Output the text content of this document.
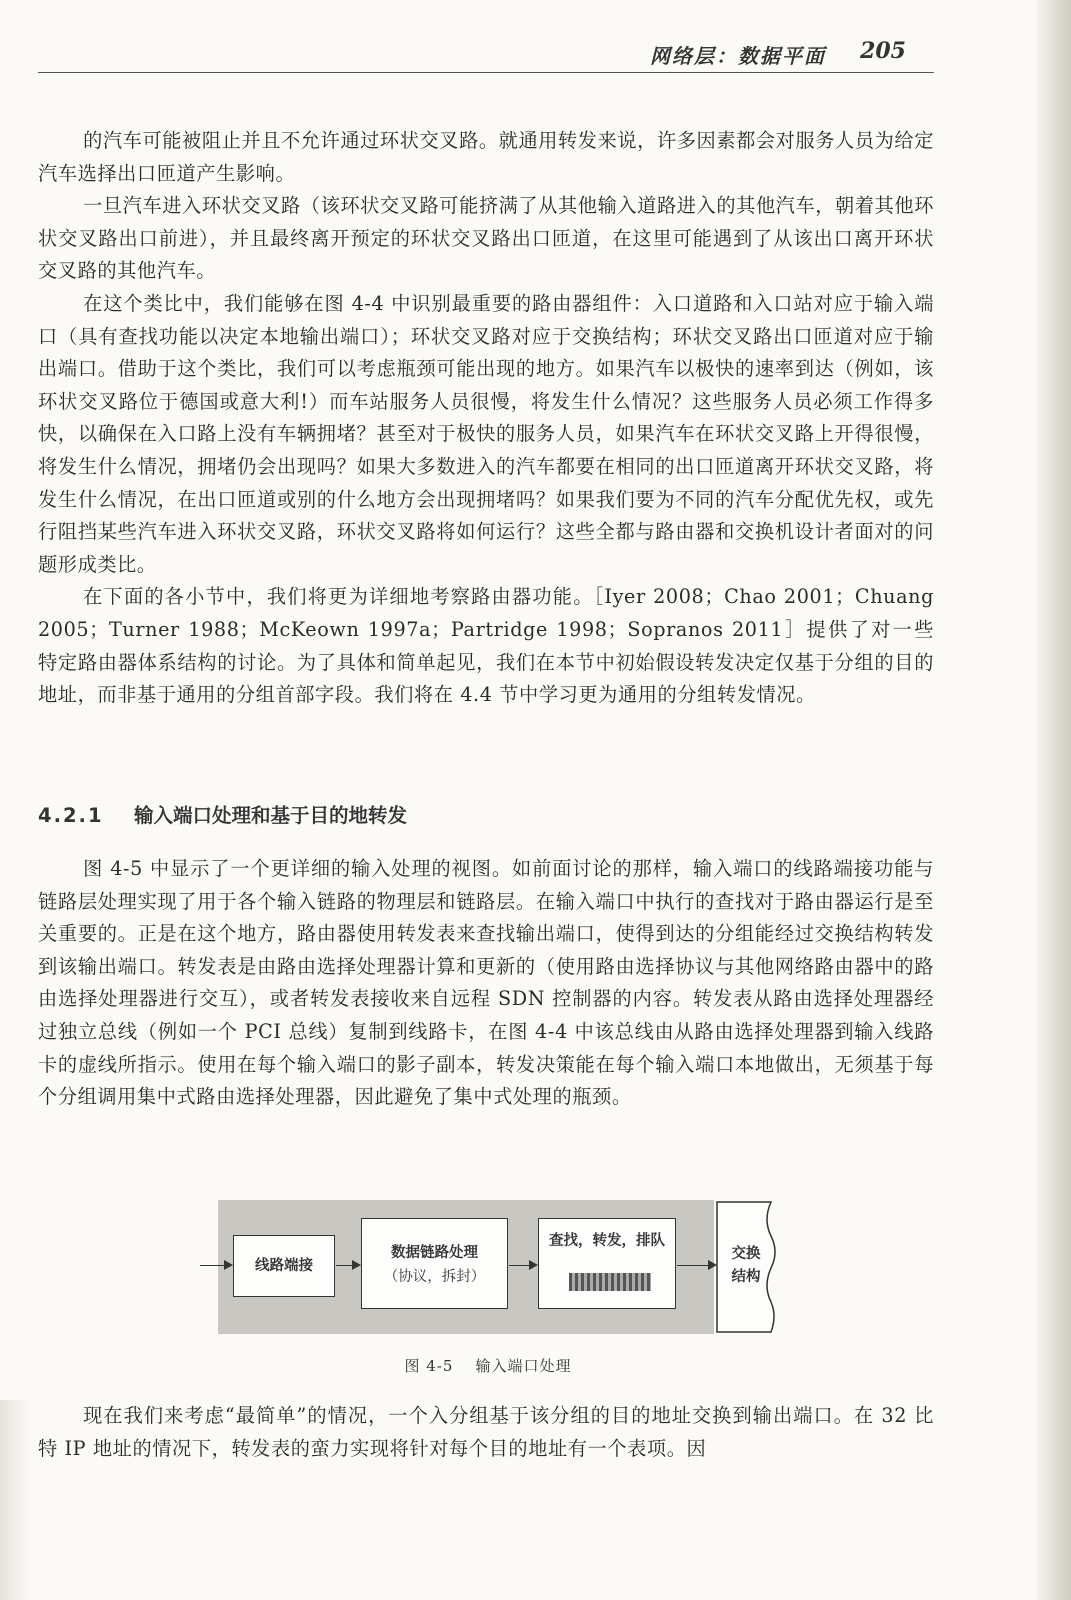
网络层：数据平面 205

的汽车可能被阻止并且不允许通过环状交叉路。就通用转发来说，许多因素都会对服务人员为给定汽车选择出口匝道产生影响。

一旦汽车进入环状交叉路（该环状交叉路可能挤满了从其他输入道路进入的其他汽车，朝着其他环状交叉路出口前进），并且最终离开预定的环状交叉路出口匝道，在这里可能遇到了从该出口离开环状交叉路的其他汽车。

在这个类比中，我们能够在图 4-4 中识别最重要的路由器组件：入口道路和入口站对应于输入端口（具有查找功能以决定本地输出端口）；环状交叉路对应于交换结构；环状交叉路出口匝道对应于输出端口。借助于这个类比，我们可以考虑瓶颈可能出现的地方。如果汽车以极快的速率到达（例如，该环状交叉路位于德国或意大利!）而车站服务人员很慢，将发生什么情况？这些服务人员必须工作得多快，以确保在入口路上没有车辆拥堵？甚至对于极快的服务人员，如果汽车在环状交叉路上开得很慢，将发生什么情况，拥堵仍会出现吗？如果大多数进入的汽车都要在相同的出口匝道离开环状交叉路，将发生什么情况，在出口匝道或别的什么地方会出现拥堵吗？如果我们要为不同的汽车分配优先权，或先行阻挡某些汽车进入环状交叉路，环状交叉路将如何运行？这些全都与路由器和交换机设计者面对的问题形成类比。

在下面的各小节中，我们将更为详细地考察路由器功能。［Iyer 2008；Chao 2001；Chuang 2005；Turner 1988；McKeown 1997a；Partridge 1998；Sopranos 2011］提供了对一些特定路由器体系结构的讨论。为了具体和简单起见，我们在本节中初始假设转发决定仅基于分组的目的地址，而非基于通用的分组首部字段。我们将在 4.4 节中学习更为通用的分组转发情况。

4.2.1 输入端口处理和基于目的地转发

图 4-5 中显示了一个更详细的输入处理的视图。如前面讨论的那样，输入端口的线路端接功能与链路层处理实现了用于各个输入链路的物理层和链路层。在输入端口中执行的查找对于路由器运行是至关重要的。正是在这个地方，路由器使用转发表来查找输出端口，使得到达的分组能经过交换结构转发到该输出端口。转发表是由路由选择处理器计算和更新的（使用路由选择协议与其他网络路由器中的路由选择处理器进行交互），或者转发表接收来自远程 SDN 控制器的内容。转发表从路由选择处理器经过独立总线（例如一个 PCI 总线）复制到线路卡，在图 4-4 中该总线由从路由选择处理器到输入线路卡的虚线所指示。使用在每个输入端口的影子副本，转发决策能在每个输入端口本地做出，无须基于每个分组调用集中式路由选择处理器，因此避免了集中式处理的瓶颈。

线路端接
数据链路处理
（协议，拆封）
查找，转发，排队
交换
结构
图 4-5 输入端口处理

现在我们来考虑“最简单”的情况，一个入分组基于该分组的目的地址交换到输出端口。在 32 比特 IP 地址的情况下，转发表的蛮力实现将针对每个目的地址有一个表项。因
